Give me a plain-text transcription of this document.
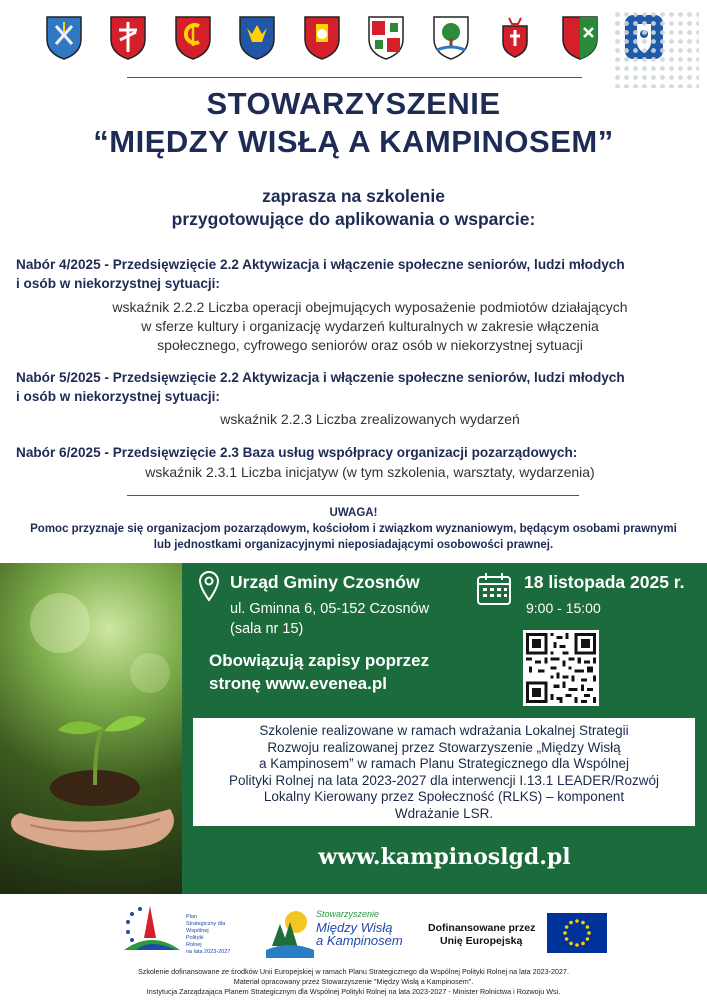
STOWARZYSZENIE
“MIĘDZY WISŁĄ A KAMPINOSEM”
zaprasza na szkolenie
przygotowujące do aplikowania o wsparcie:
Nabór 4/2025 - Przedsięwzięcie 2.2 Aktywizacja i włączenie społeczne seniorów, ludzi młodych
i osób w niekorzystnej sytuacji:
wskaźnik 2.2.2 Liczba operacji obejmujących wyposażenie podmiotów działających
w sferze kultury i organizację wydarzeń kulturalnych w zakresie włączenia
społecznego, cyfrowego seniorów oraz osób w niekorzystnej sytuacji
Nabór 5/2025 - Przedsięwzięcie 2.2 Aktywizacja i włączenie społeczne seniorów, ludzi młodych
i osób w niekorzystnej sytuacji:
wskaźnik 2.2.3 Liczba zrealizowanych wydarzeń
Nabór 6/2025 - Przedsięwzięcie 2.3 Baza usług współpracy organizacji pozarządowych:
wskaźnik 2.3.1 Liczba inicjatyw (w tym szkolenia, warsztaty, wydarzenia)
UWAGA!
Pomoc przyznaje się organizacjom pozarządowym, kościołom i związkom wyznaniowym, będącym osobami prawnymi
lub jednostkami organizacyjnymi nieposiadającymi osobowości prawnej.
Urząd Gminy Czosnów
ul. Gminna 6, 05-152 Czosnów
(sala nr 15)
18 listopada 2025 r.
9:00 - 15:00
Obowiązują zapisy poprzez
stronę www.evenea.pl
Szkolenie realizowane w ramach wdrażania Lokalnej Strategii
Rozwoju realizowanej przez Stowarzyszenie „Między Wisłą
a Kampinosem” w ramach Planu Strategicznego dla Wspólnej
Polityki Rolnej na lata 2023-2027 dla interwencji I.13.1 LEADER/Rozwój
Lokalny Kierowany przez Społeczność (RLKS) – komponent
Wdrażanie LSR.
www.kampinoslgd.pl
Plan
Strategiczny dla
Wspólnej
Polityki
Rolnej
na lata 2023-2027
Stowarzyszenie
Między Wisłą
a Kampinosem
Dofinansowane przez
Unię Europejską
Szkolenie dofinansowane ze środków Unii Europejskiej w ramach Planu Strategicznego dla Wspólnej Polityki Rolnej na lata 2023-2027.
Materiał opracowany przez Stowarzyszenie "Między Wisłą a Kampinosem".
Instytucja Zarządzająca Planem Strategicznym dla Wspólnej Polityki Rolnej na lata 2023-2027 - Minister Rolnictwa i Rozwoju Wsi.
